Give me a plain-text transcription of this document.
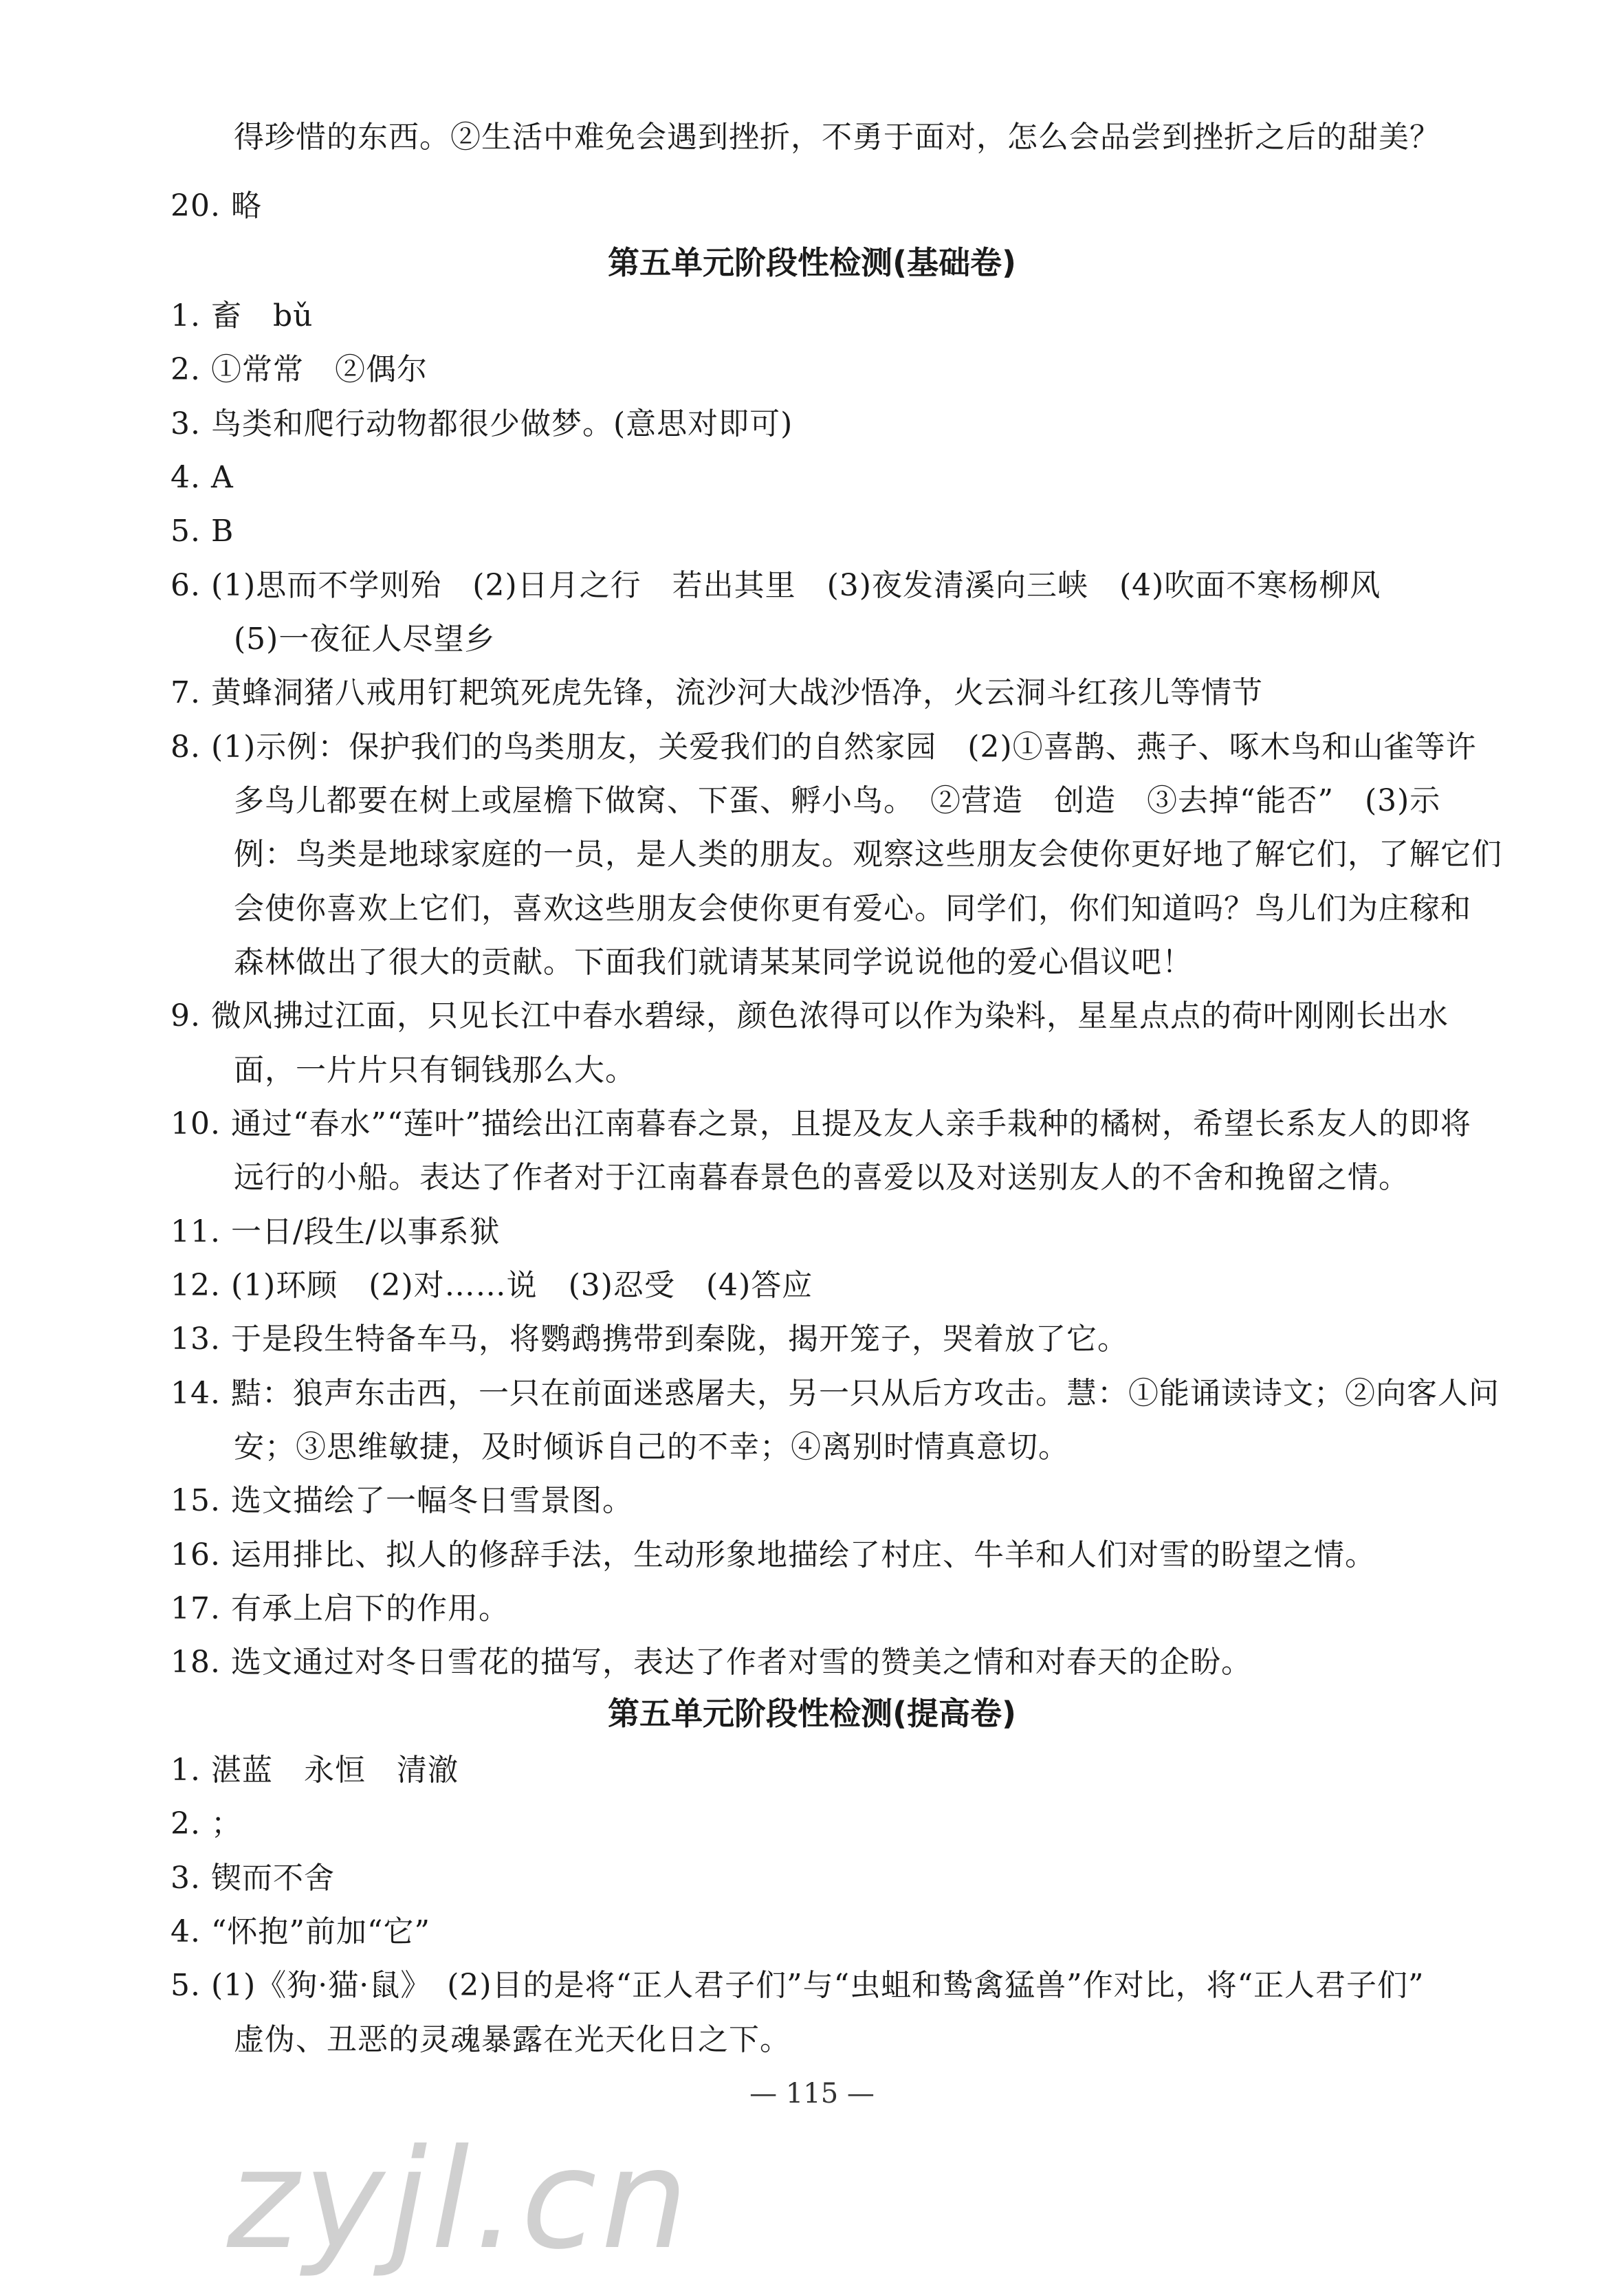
得珍惜的东西。②生活中难免会遇到挫折，不勇于面对，怎么会品尝到挫折之后的甜美？
20. 略
第五单元阶段性检测(基础卷)
1. 畜　bǔ
2. ①常常　②偶尔
3. 鸟类和爬行动物都很少做梦。(意思对即可)
4. A
5. B
6. (1)思而不学则殆　(2)日月之行　若出其里　(3)夜发清溪向三峡　(4)吹面不寒杨柳风
(5)一夜征人尽望乡
7. 黄蜂洞猪八戒用钉耙筑死虎先锋，流沙河大战沙悟净，火云洞斗红孩儿等情节
8. (1)示例：保护我们的鸟类朋友，关爱我们的自然家园　(2)①喜鹊、燕子、啄木鸟和山雀等许
多鸟儿都要在树上或屋檐下做窝、下蛋、孵小鸟。　②营造　创造　③去掉“能否”　(3)示
例：鸟类是地球家庭的一员，是人类的朋友。观察这些朋友会使你更好地了解它们，了解它们
会使你喜欢上它们，喜欢这些朋友会使你更有爱心。同学们，你们知道吗？鸟儿们为庄稼和
森林做出了很大的贡献。下面我们就请某某同学说说他的爱心倡议吧！
9. 微风拂过江面，只见长江中春水碧绿，颜色浓得可以作为染料，星星点点的荷叶刚刚长出水
面，一片片只有铜钱那么大。
10. 通过“春水”“莲叶”描绘出江南暮春之景，且提及友人亲手栽种的橘树，希望长系友人的即将
远行的小船。表达了作者对于江南暮春景色的喜爱以及对送别友人的不舍和挽留之情。
11. 一日/段生/以事系狱
12. (1)环顾　(2)对……说　(3)忍受　(4)答应
13. 于是段生特备车马，将鹦鹉携带到秦陇，揭开笼子，哭着放了它。
14. 黠：狼声东击西，一只在前面迷惑屠夫，另一只从后方攻击。慧：①能诵读诗文；②向客人问
安；③思维敏捷，及时倾诉自己的不幸；④离别时情真意切。
15. 选文描绘了一幅冬日雪景图。
16. 运用排比、拟人的修辞手法，生动形象地描绘了村庄、牛羊和人们对雪的盼望之情。
17. 有承上启下的作用。
18. 选文通过对冬日雪花的描写，表达了作者对雪的赞美之情和对春天的企盼。
第五单元阶段性检测(提高卷)
1. 湛蓝　永恒　清澈
2. ；
3. 锲而不舍
4. “怀抱”前加“它”
5. (1)《狗·猫·鼠》　(2)目的是将“正人君子们”与“虫蛆和鸷禽猛兽”作对比，将“正人君子们”
虚伪、丑恶的灵魂暴露在光天化日之下。
— 115 —
zyjl.cn
